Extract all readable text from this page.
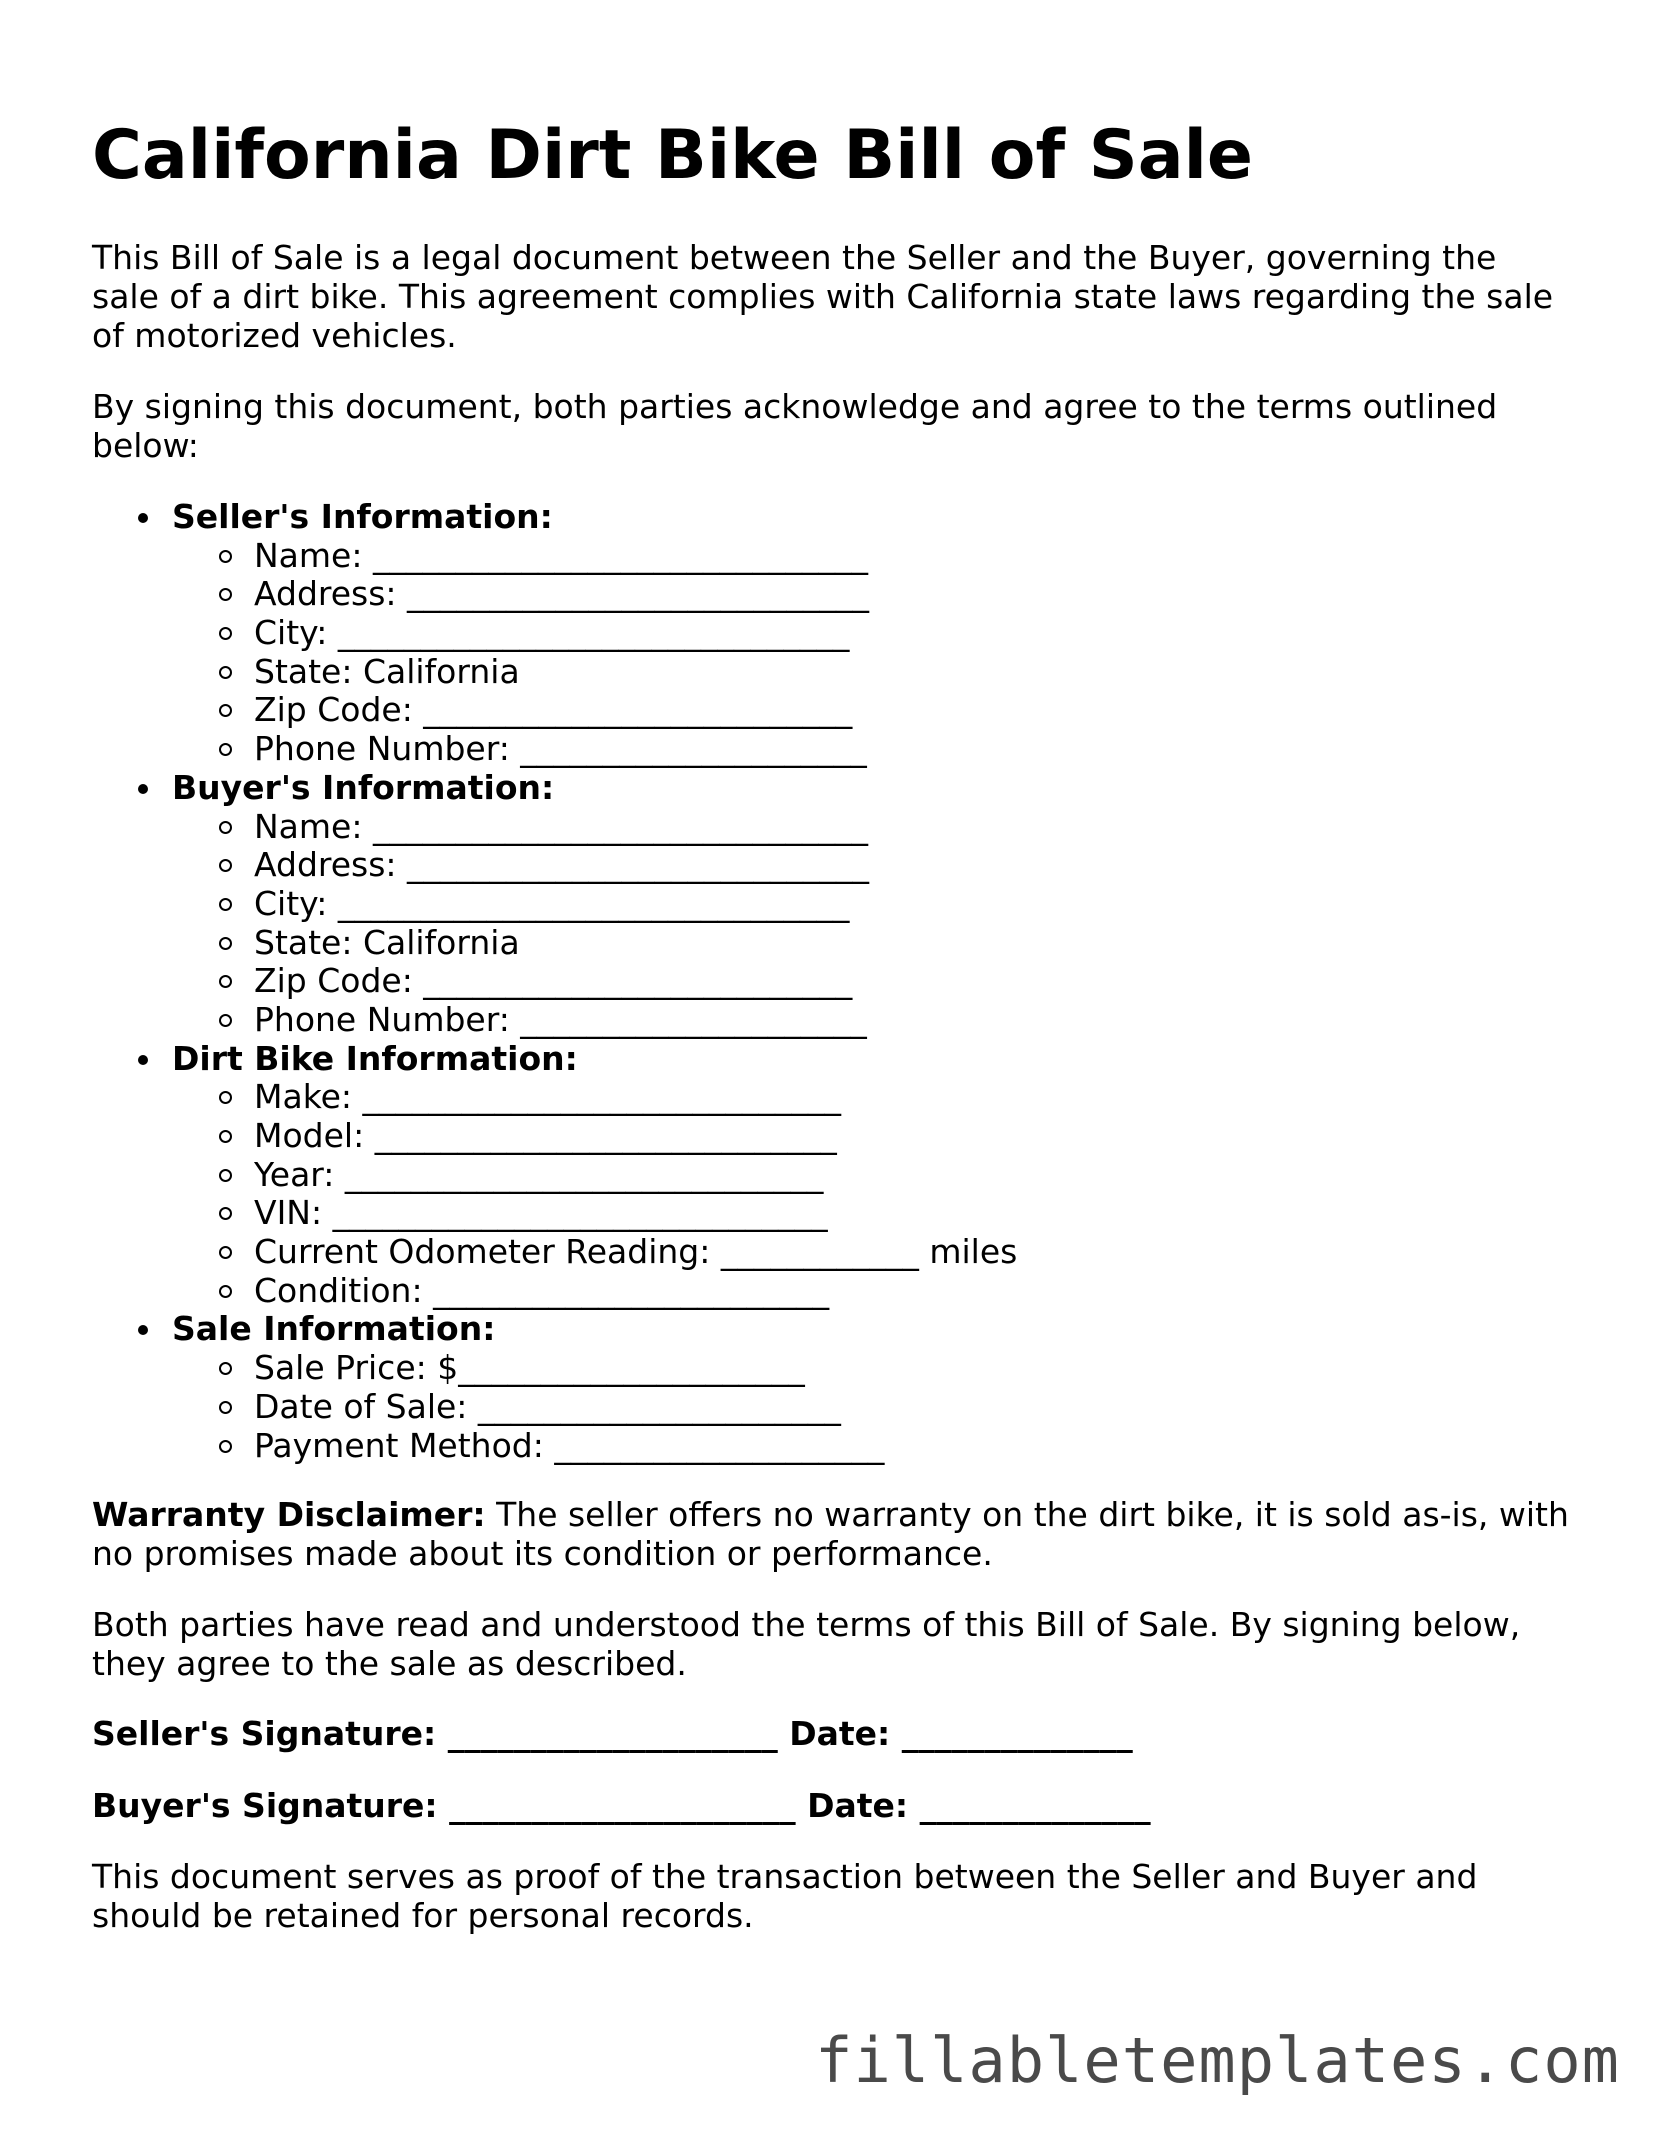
California Dirt Bike Bill of Sale

This Bill of Sale is a legal document between the Seller and the Buyer, governing the sale of a dirt bike. This agreement complies with California state laws regarding the sale of motorized vehicles.

By signing this document, both parties acknowledge and agree to the terms outlined below:

Seller's Information:
Name: ______________________________
Address: ____________________________
City: _______________________________
State: California
Zip Code: __________________________
Phone Number: _____________________
Buyer's Information:
Name: ______________________________
Address: ____________________________
City: _______________________________
State: California
Zip Code: __________________________
Phone Number: _____________________
Dirt Bike Information:
Make: _____________________________
Model: ____________________________
Year: _____________________________
VIN: ______________________________
Current Odometer Reading: ____________ miles
Condition: ________________________
Sale Information:
Sale Price: $_____________________
Date of Sale: ______________________
Payment Method: ____________________

Warranty Disclaimer: The seller offers no warranty on the dirt bike, it is sold as-is, with no promises made about its condition or performance.

Both parties have read and understood the terms of this Bill of Sale. By signing below, they agree to the sale as described.

Seller's Signature: ____________________ Date: ______________
Buyer's Signature: _____________________ Date: ______________

This document serves as proof of the transaction between the Seller and Buyer and should be retained for personal records.

fillabletemplates.com
